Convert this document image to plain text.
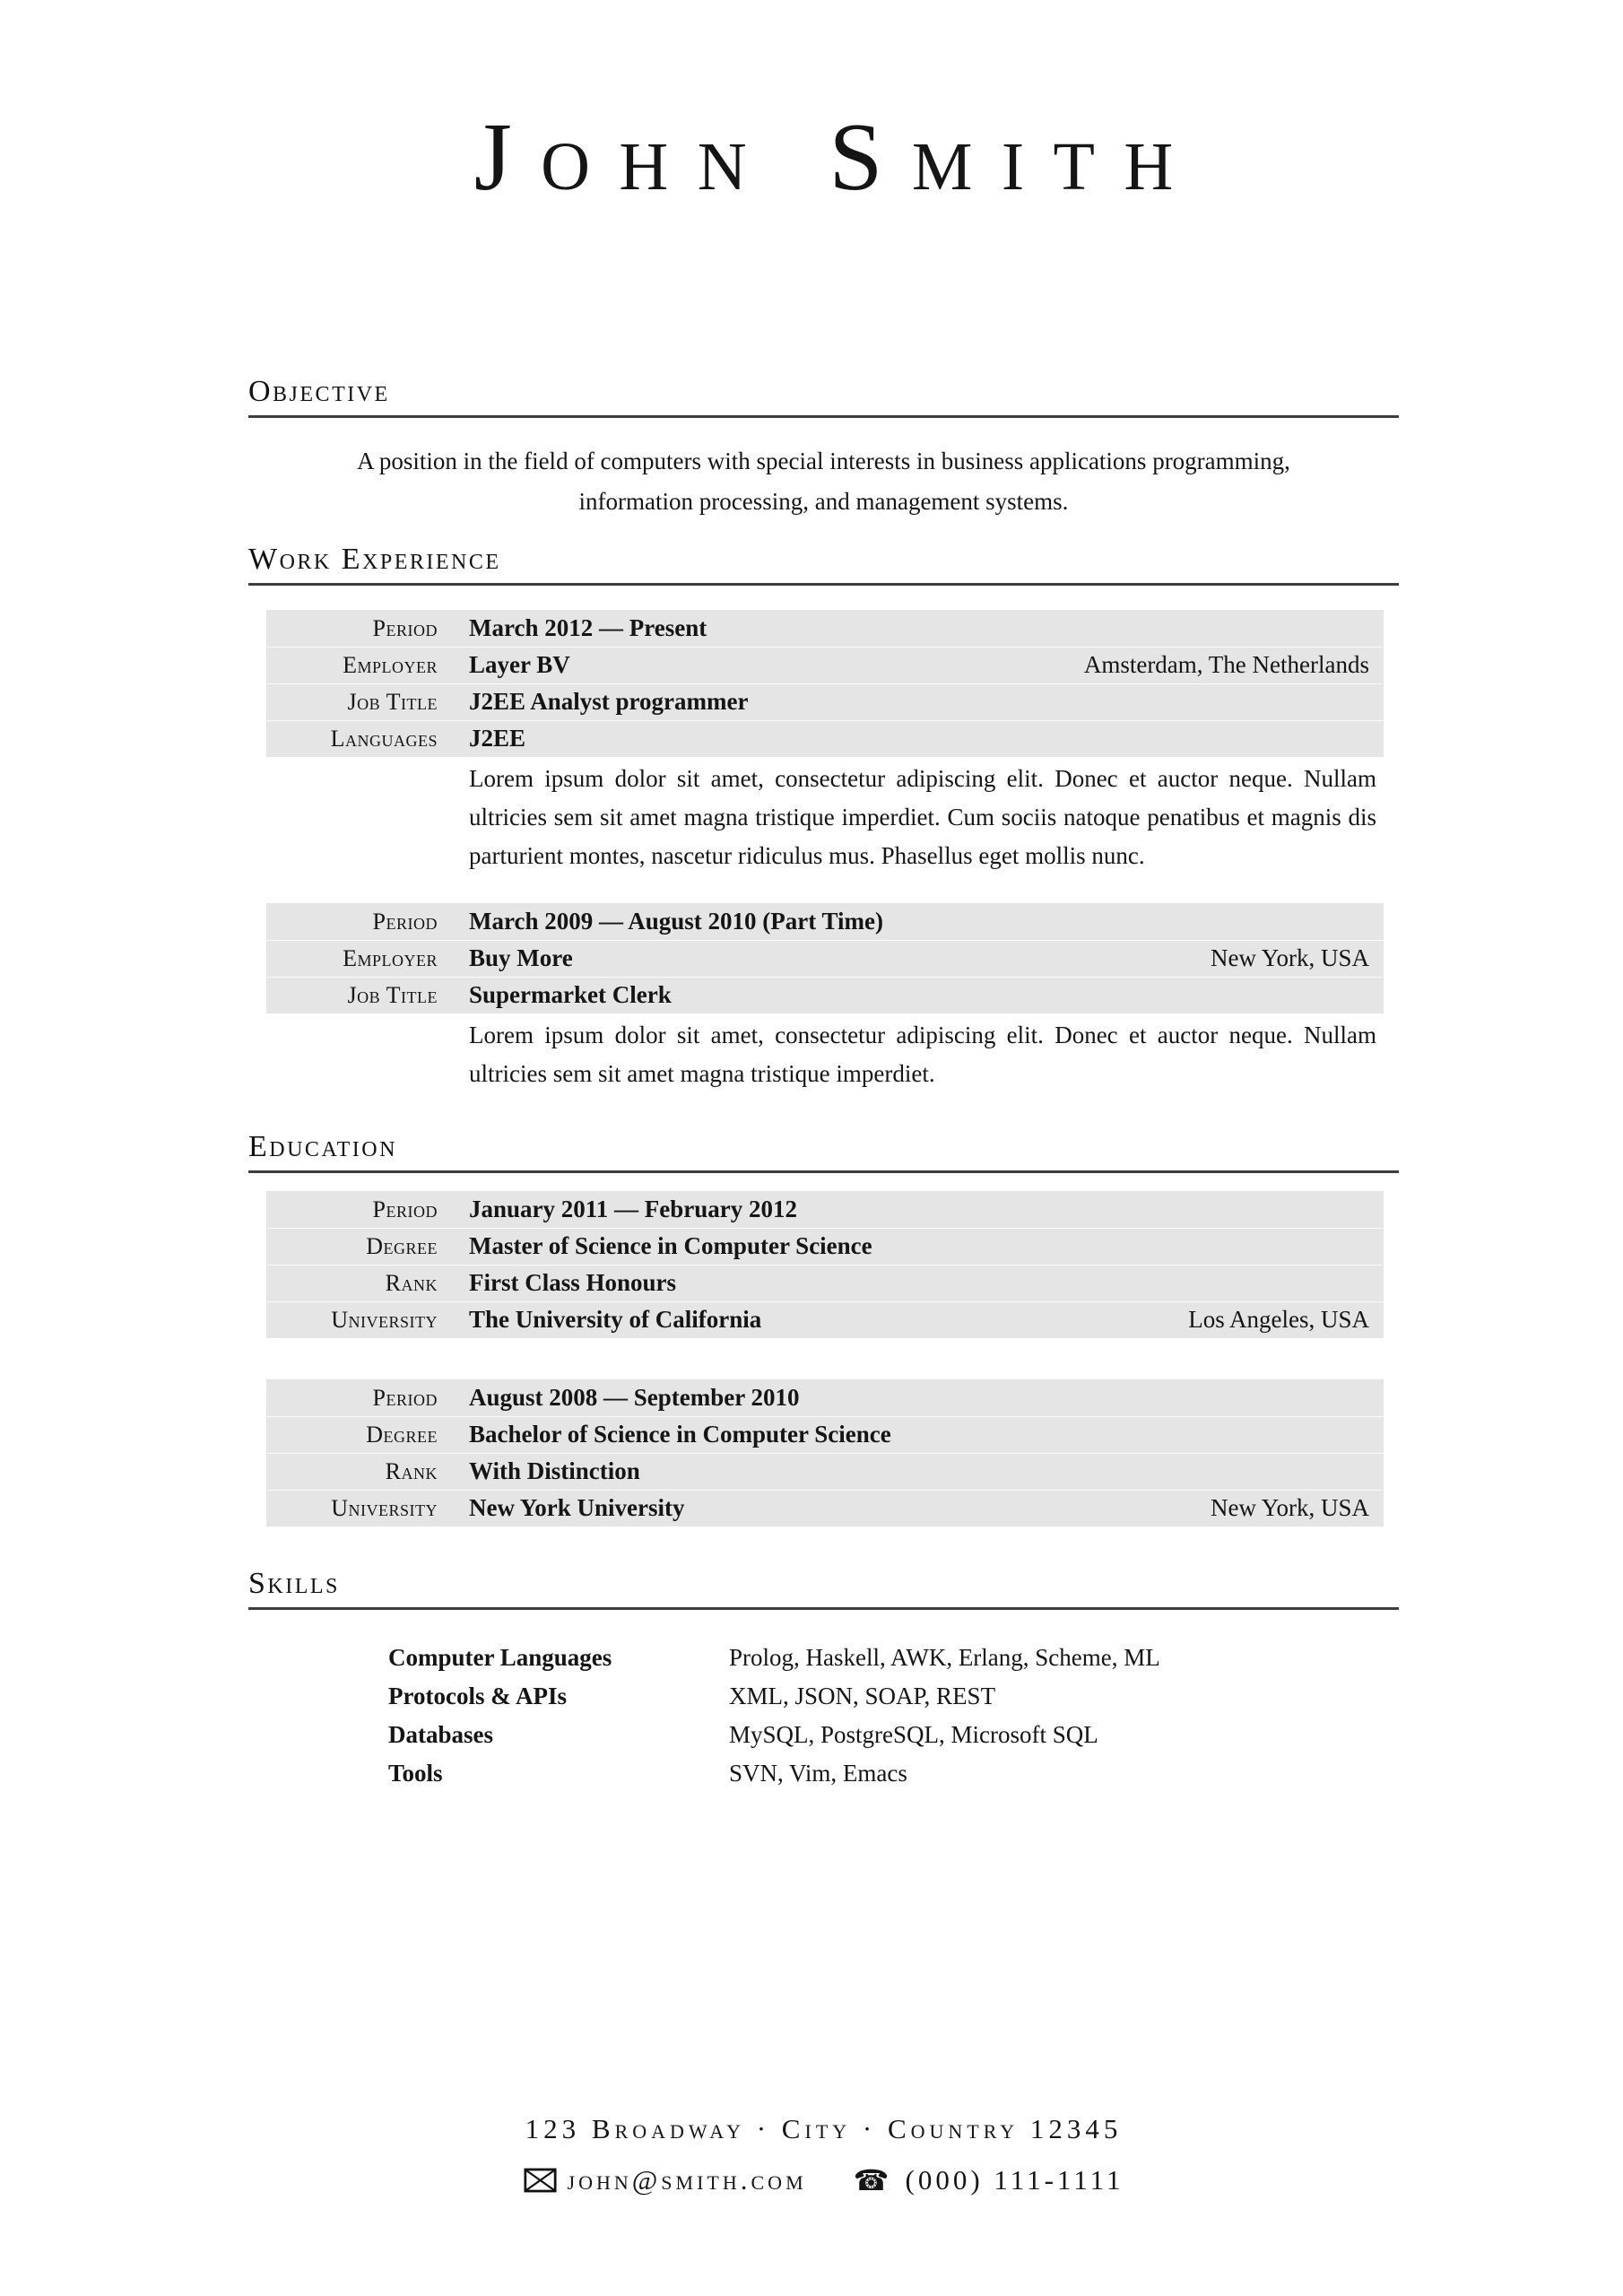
John Smith
Objective
A position in the field of computers with special interests in business applications programming, information processing, and management systems.
Work Experience
Period March 2012 — Present
Employer Layer BV	Amsterdam, The Netherlands
Job Title J2EE Analyst programmer
Languages J2EE
Lorem ipsum dolor sit amet, consectetur adipiscing elit. Donec et auctor neque. Nullam ultricies sem sit amet magna tristique imperdiet. Cum sociis natoque penatibus et magnis dis parturient montes, nascetur ridiculus mus. Phasellus eget mollis nunc.
Period March 2009 — August 2010 (Part Time)
Employer Buy More	New York, USA
Job Title Supermarket Clerk
Lorem ipsum dolor sit amet, consectetur adipiscing elit. Donec et auctor neque. Nullam ultricies sem sit amet magna tristique imperdiet.
Education
Period January 2011 — February 2012
Degree Master of Science in Computer Science
Rank First Class Honours
University The University of California	Los Angeles, USA
Period August 2008 — September 2010
Degree Bachelor of Science in Computer Science
Rank With Distinction
University New York University	New York, USA
Skills
Computer Languages	Prolog, Haskell, AWK, Erlang, Scheme, ML
Protocols & APIs	XML, JSON, SOAP, REST
Databases	MySQL, PostgreSQL, Microsoft SQL
Tools	SVN, Vim, Emacs
123 Broadway · City · Country 12345
john@smith.com ☎ (000) 111-1111
